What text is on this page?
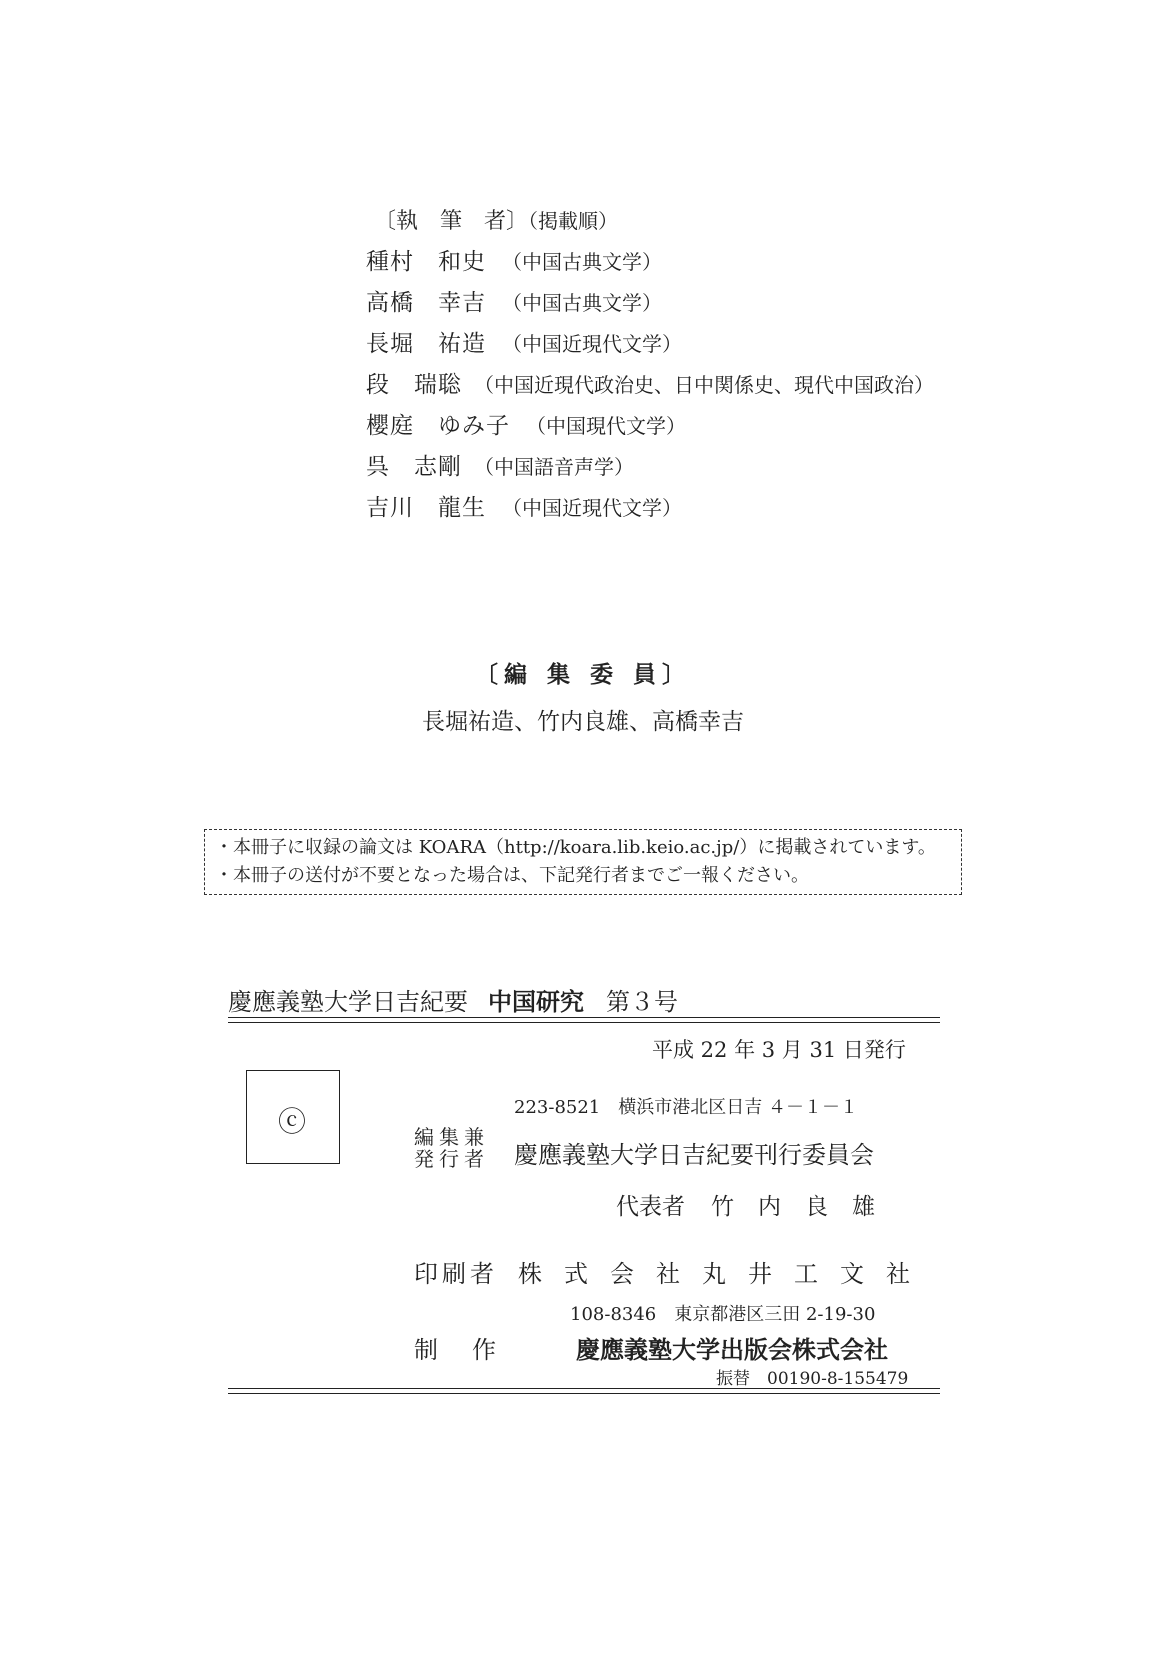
〔執　筆　者〕（掲載順）
種村　和史 （中国古典文学）
高橋　幸吉 （中国古典文学）
長堀　祐造 （中国近現代文学）
段　瑞聡 （中国近現代政治史、日中関係史、現代中国政治）
櫻庭　ゆみ子 （中国現代文学）
呉　志剛 （中国語音声学）
吉川　龍生 （中国近現代文学）
〔編 集 委 員〕
長堀祐造、竹内良雄、高橋幸吉
・本冊子に収録の論文は KOARA（http://koara.lib.keio.ac.jp/）に掲載されています。
・本冊子の送付が不要となった場合は、下記発行者までご一報ください。
慶應義塾大学日吉紀要 中国研究 第３号
平成 22 年 3 月 31 日発行
ⓒ	223-8521　横浜市港北区日吉 ４－１－１
編集兼
発行者 慶應義塾大学日吉紀要刊行委員会
代表者 竹内良雄
印刷者 株式会社丸井工文社
108-8346　東京都港区三田 2-19-30
制作 慶應義塾大学出版会株式会社
振替　00190-8-155479
